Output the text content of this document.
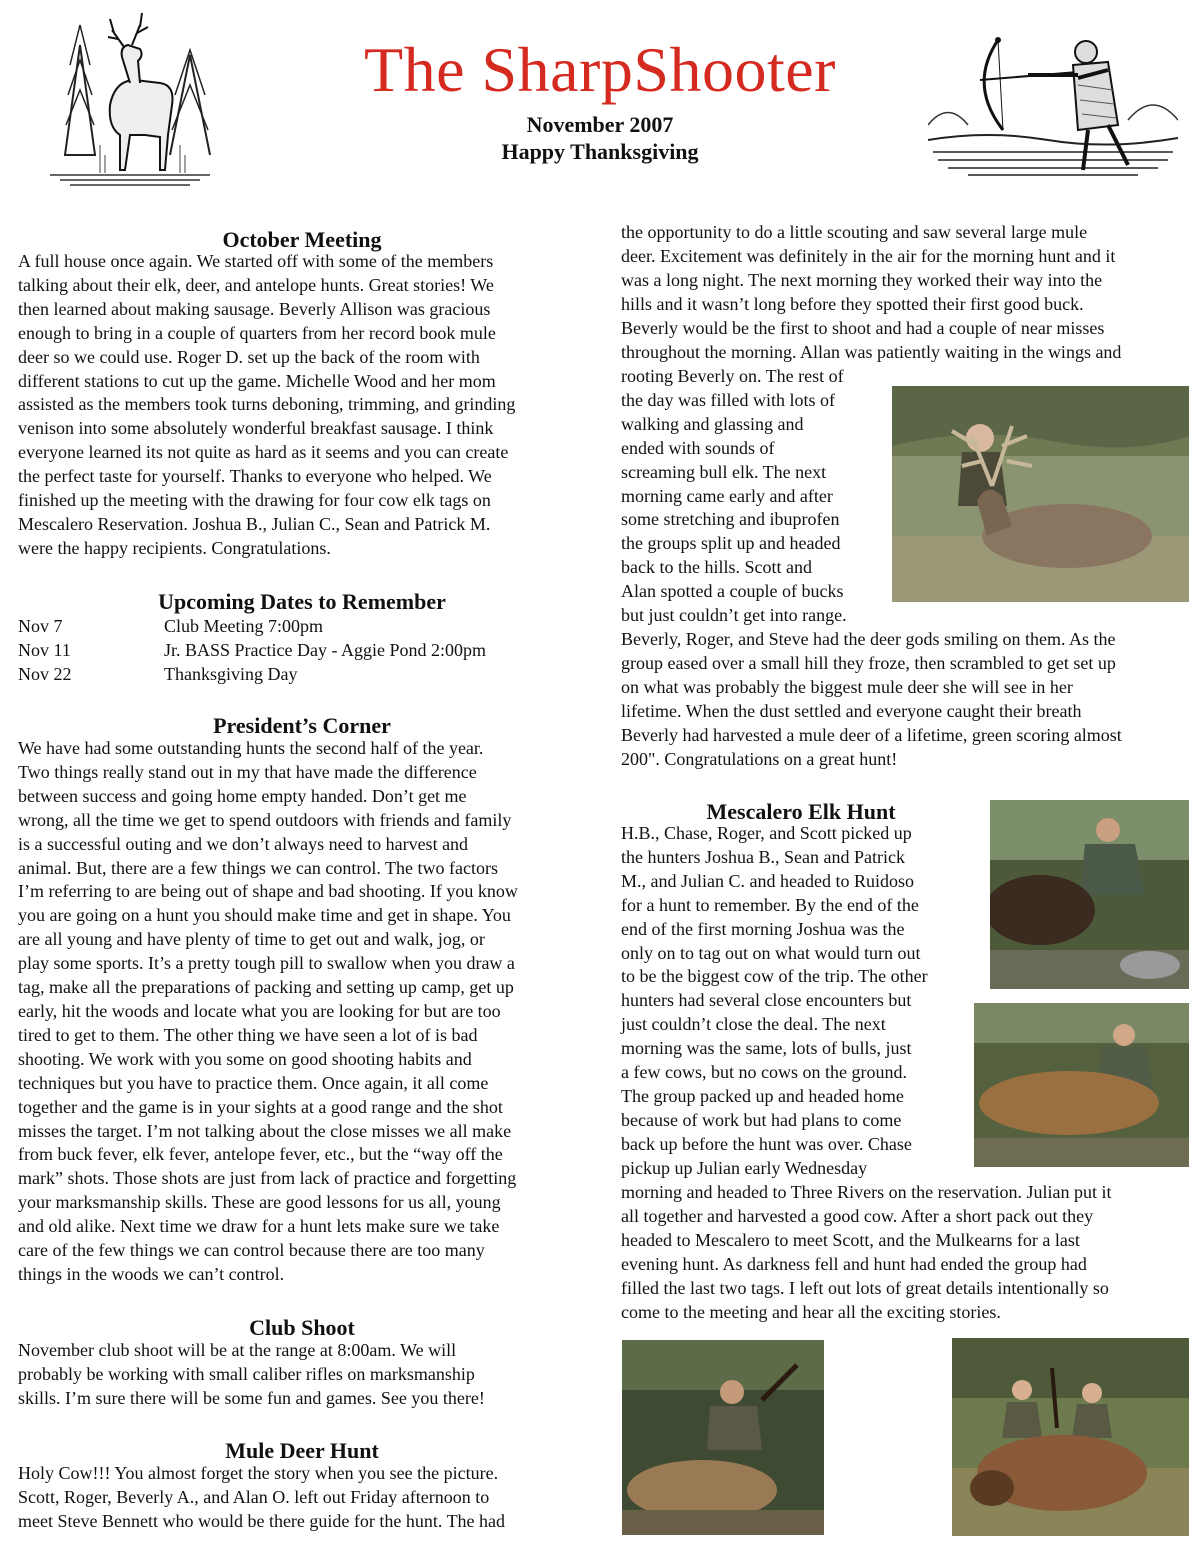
The SharpShooter
November 2007
Happy Thanksgiving
October Meeting
A full house once again. We started off with some of the members
talking about their elk, deer, and antelope hunts. Great stories! We
then learned about making sausage. Beverly Allison was gracious
enough to bring in a couple of quarters from her record book mule
deer so we could use. Roger D. set up the back of the room with
different stations to cut up the game. Michelle Wood and her mom
assisted as the members took turns deboning, trimming, and grinding
venison into some absolutely wonderful breakfast sausage. I think
everyone learned its not quite as hard as it seems and you can create
the perfect taste for yourself. Thanks to everyone who helped. We
finished up the meeting with the drawing for four cow elk tags on
Mescalero Reservation. Joshua B., Julian C., Sean and Patrick M.
were the happy recipients. Congratulations.
Upcoming Dates to Remember
Nov 7	Club Meeting 7:00pm
Nov 11	Jr. BASS Practice Day - Aggie Pond 2:00pm
Nov 22	Thanksgiving Day
President’s Corner
We have had some outstanding hunts the second half of the year.
Two things really stand out in my that have made the difference
between success and going home empty handed. Don’t get me
wrong, all the time we get to spend outdoors with friends and family
is a successful outing and we don’t always need to harvest and
animal. But, there are a few things we can control. The two factors
I’m referring to are being out of shape and bad shooting. If you know
you are going on a hunt you should make time and get in shape. You
are all young and have plenty of time to get out and walk, jog, or
play some sports. It’s a pretty tough pill to swallow when you draw a
tag, make all the preparations of packing and setting up camp, get up
early, hit the woods and locate what you are looking for but are too
tired to get to them. The other thing we have seen a lot of is bad
shooting. We work with you some on good shooting habits and
techniques but you have to practice them. Once again, it all come
together and the game is in your sights at a good range and the shot
misses the target. I’m not talking about the close misses we all make
from buck fever, elk fever, antelope fever, etc., but the “way off the
mark” shots. Those shots are just from lack of practice and forgetting
your marksmanship skills. These are good lessons for us all, young
and old alike. Next time we draw for a hunt lets make sure we take
care of the few things we can control because there are too many
things in the woods we can’t control.
Club Shoot
November club shoot will be at the range at 8:00am. We will
probably be working with small caliber rifles on marksmanship
skills. I’m sure there will be some fun and games. See you there!
Mule Deer Hunt
Holy Cow!!! You almost forget the story when you see the picture.
Scott, Roger, Beverly A., and Alan O. left out Friday afternoon to
meet Steve Bennett who would be there guide for the hunt. The had
the opportunity to do a little scouting and saw several large mule
deer. Excitement was definitely in the air for the morning hunt and it
was a long night. The next morning they worked their way into the
hills and it wasn’t long before they spotted their first good buck.
Beverly would be the first to shoot and had a couple of near misses
throughout the morning. Allan was patiently waiting in the wings and
rooting Beverly on. The rest of
the day was filled with lots of
walking and glassing and
ended with sounds of
screaming bull elk. The next
morning came early and after
some stretching and ibuprofen
the groups split up and headed
back to the hills. Scott and
Alan spotted a couple of bucks
but just couldn’t get into range.
Beverly, Roger, and Steve had the deer gods smiling on them. As the
group eased over a small hill they froze, then scrambled to get set up
on what was probably the biggest mule deer she will see in her
lifetime. When the dust settled and everyone caught their breath
Beverly had harvested a mule deer of a lifetime, green scoring almost
200". Congratulations on a great hunt!
Mescalero Elk Hunt
H.B., Chase, Roger, and Scott picked up
the hunters Joshua B., Sean and Patrick
M., and Julian C. and headed to Ruidoso
for a hunt to remember. By the end of the
end of the first morning Joshua was the
only on to tag out on what would turn out
to be the biggest cow of the trip. The other
hunters had several close encounters but
just couldn’t close the deal. The next
morning was the same, lots of bulls, just
a few cows, but no cows on the ground.
The group packed up and headed home
because of work but had plans to come
back up before the hunt was over. Chase
pickup up Julian early Wednesday
morning and headed to Three Rivers on the reservation. Julian put it
all together and harvested a good cow. After a short pack out they
headed to Mescalero to meet Scott, and the Mulkearns for a last
evening hunt. As darkness fell and hunt had ended the group had
filled the last two tags. I left out lots of great details intentionally so
come to the meeting and hear all the exciting stories.
